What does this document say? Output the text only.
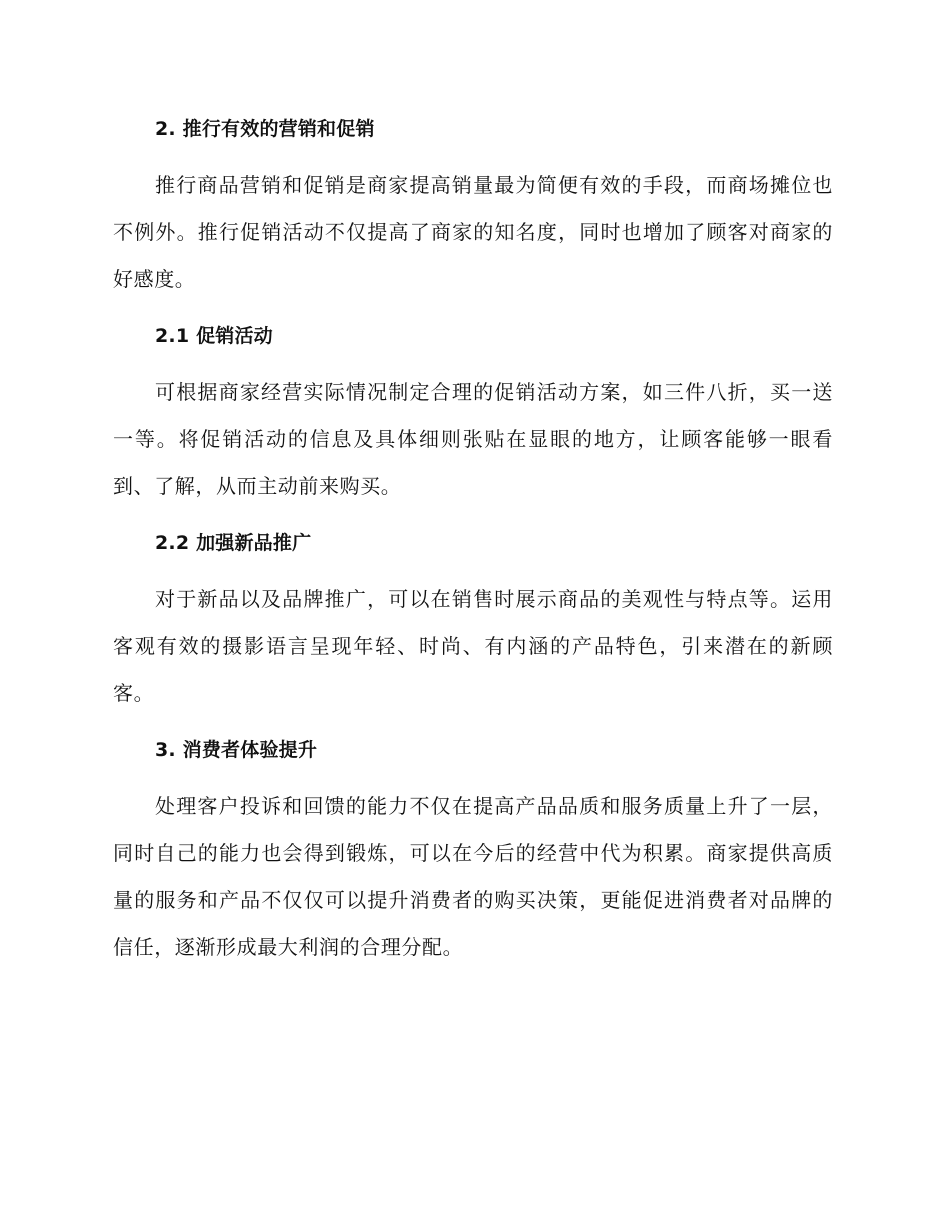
2. 推行有效的营销和促销

推行商品营销和促销是商家提高销量最为简便有效的手段，而商场摊位也不例外。推行促销活动不仅提高了商家的知名度，同时也增加了顾客对商家的好感度。

2.1 促销活动

可根据商家经营实际情况制定合理的促销活动方案，如三件八折，买一送一等。将促销活动的信息及具体细则张贴在显眼的地方，让顾客能够一眼看到、了解，从而主动前来购买。

2.2 加强新品推广

对于新品以及品牌推广，可以在销售时展示商品的美观性与特点等。运用客观有效的摄影语言呈现年轻、时尚、有内涵的产品特色，引来潜在的新顾客。

3. 消费者体验提升

处理客户投诉和回馈的能力不仅在提高产品品质和服务质量上升了一层，同时自己的能力也会得到锻炼，可以在今后的经营中代为积累。商家提供高质量的服务和产品不仅仅可以提升消费者的购买决策，更能促进消费者对品牌的信任，逐渐形成最大利润的合理分配。
